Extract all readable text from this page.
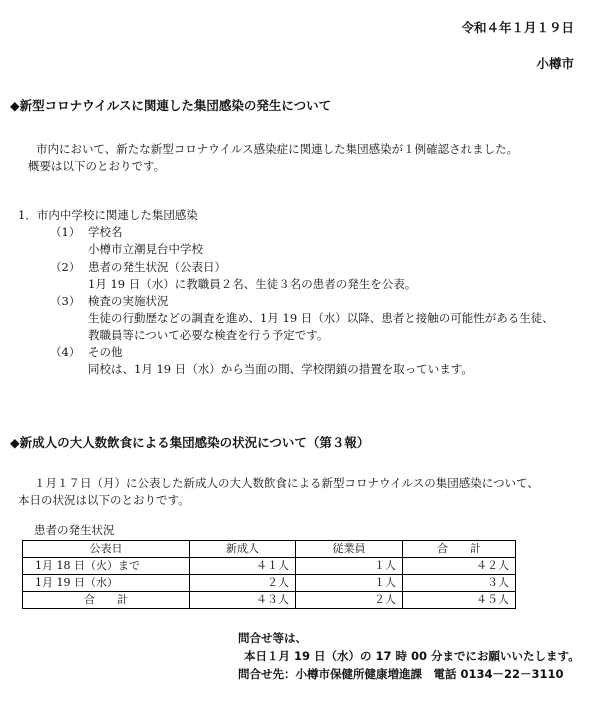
令和４年１月１９日
小樽市
◆新型コロナウイルスに関連した集団感染の発生について
市内において、新たな新型コロナウイルス感染症に関連した集団感染が１例確認されました。
概要は以下のとおりです。
1．市内中学校に関連した集団感染
（1） 学校名
小樽市立潮見台中学校
（2） 患者の発生状況（公表日）
1月 19 日（水）に教職員２名、生徒３名の患者の発生を公表。
（3） 検査の実施状況
生徒の行動歴などの調査を進め、1月 19 日（水）以降、患者と接触の可能性がある生徒、
教職員等について必要な検査を行う予定です。
（4） その他
同校は、1月 19 日（水）から当面の間、学校閉鎖の措置を取っています。
◆新成人の大人数飲食による集団感染の状況について（第３報）
１月１７日（月）に公表した新成人の大人数飲食による新型コロナウイルスの集団感染について、
本日の状況は以下のとおりです。
患者の発生状況
公表日	新成人	従業員	合　　計
1月 18 日（火）まで	４１人	１人	４２人
1月 19 日（水）	２人	１人	３人
合　　計	４３人	２人	４５人
問合せ等は、
本日１月 19 日（水）の 17 時 00 分までにお願いいたします。
問合せ先：小樽市保健所健康増進課　電話 0134－22－3110
